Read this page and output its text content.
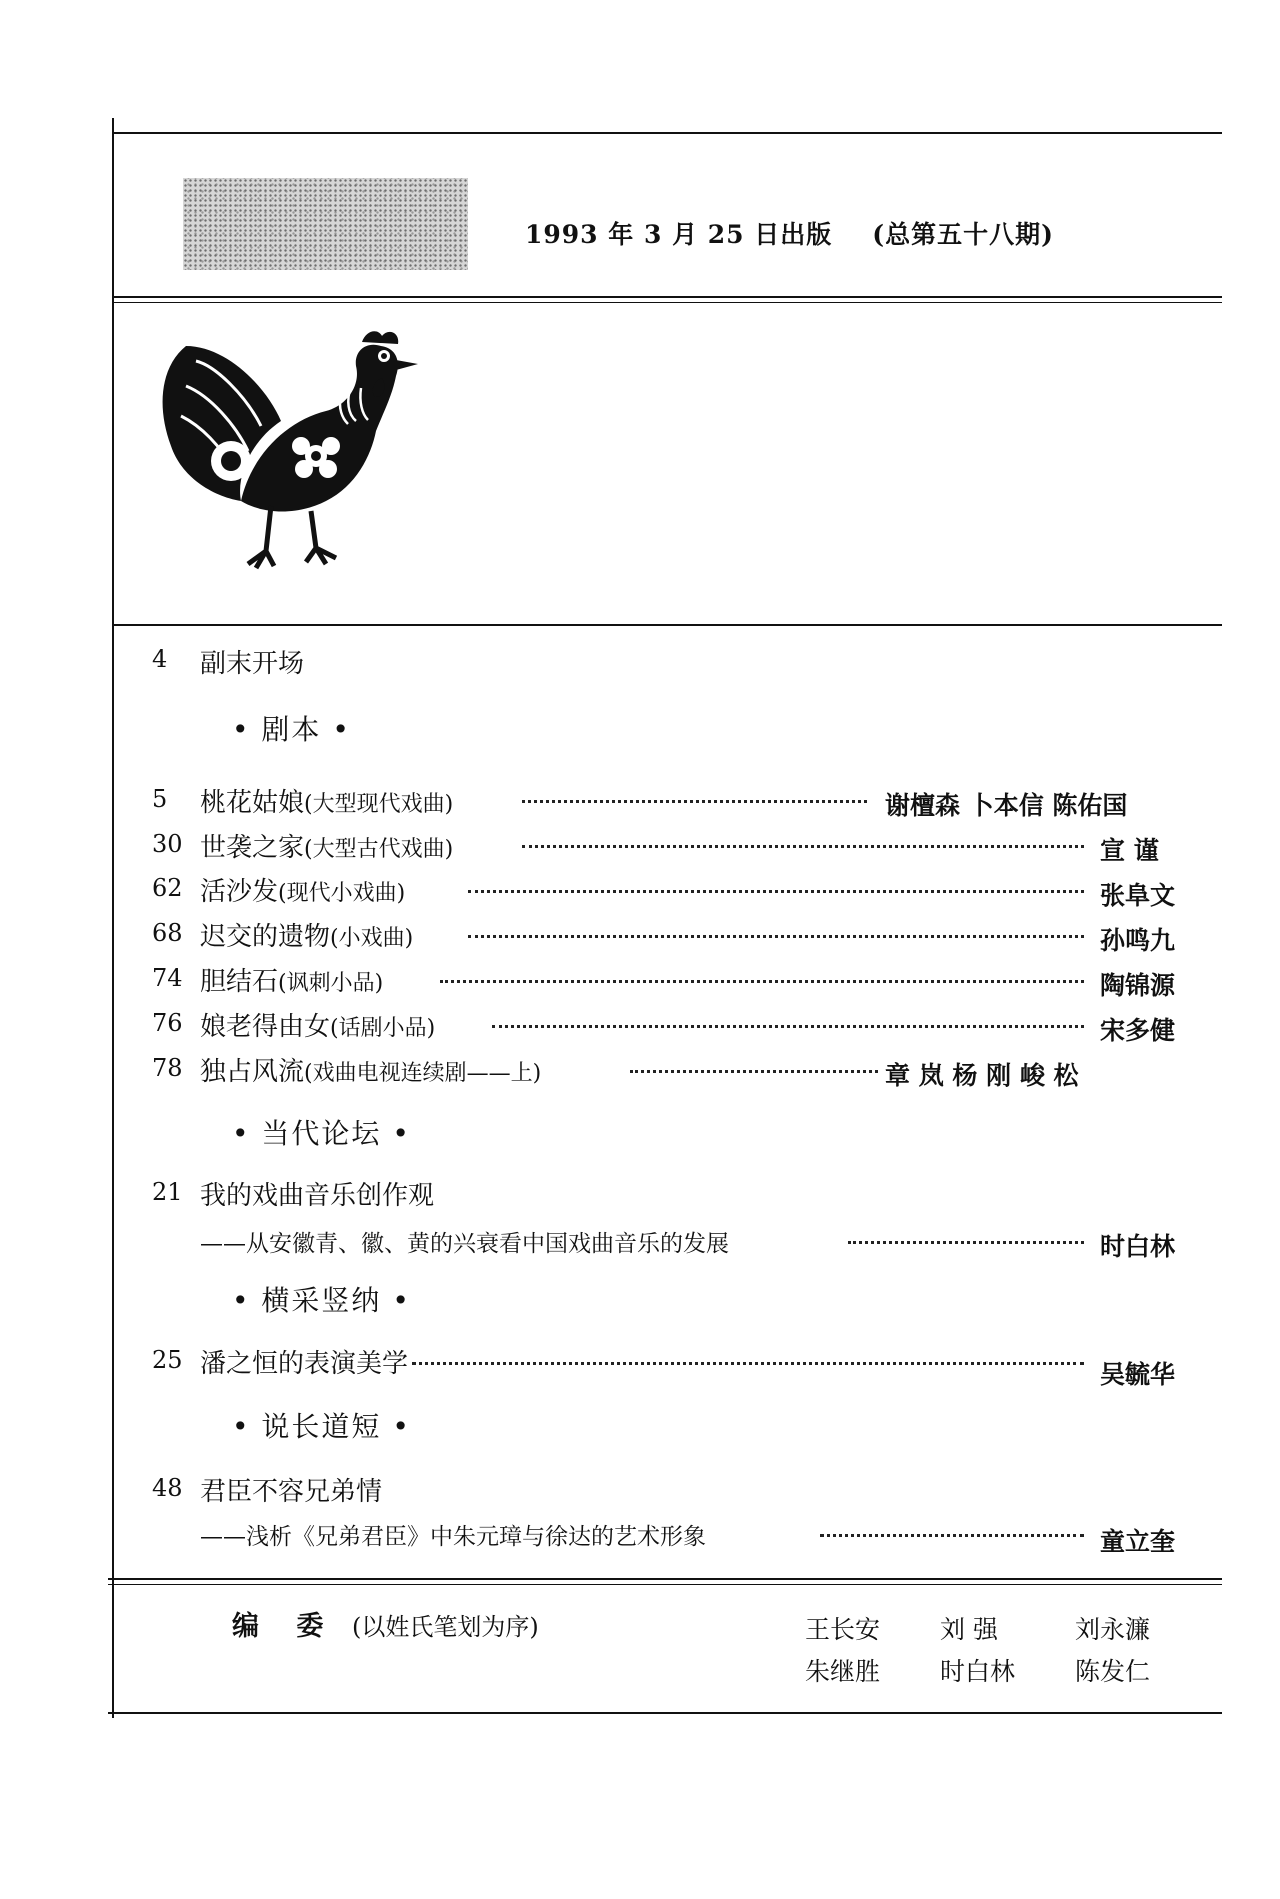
1993 年 3 月 25 日出版 (总第五十八期)
4 副末开场
• 剧本 •
5 桃花姑娘(大型现代戏曲)	谢檀森 卜本信 陈佑国
30 世袭之家(大型古代戏曲)	宣 谨
62 活沙发(现代小戏曲)	张阜文
68 迟交的遗物(小戏曲)	孙鸣九
74 胆结石(讽刺小品)	陶锦源
76 娘老得由女(话剧小品)	宋多健
78 独占风流(戏曲电视连续剧——上)	章 岚 杨 刚 峻 松
• 当代论坛 •
21 我的戏曲音乐创作观
——从安徽青、徽、黄的兴衰看中国戏曲音乐的发展	时白林
• 横采竖纳 •
25 潘之恒的表演美学	吴毓华
• 说长道短 •
48 君臣不容兄弟情
——浅析《兄弟君臣》中朱元璋与徐达的艺术形象	童立奎
编 委 (以姓氏笔划为序)	王长安 刘 强	刘永濂
朱继胜 时白林 陈发仁
